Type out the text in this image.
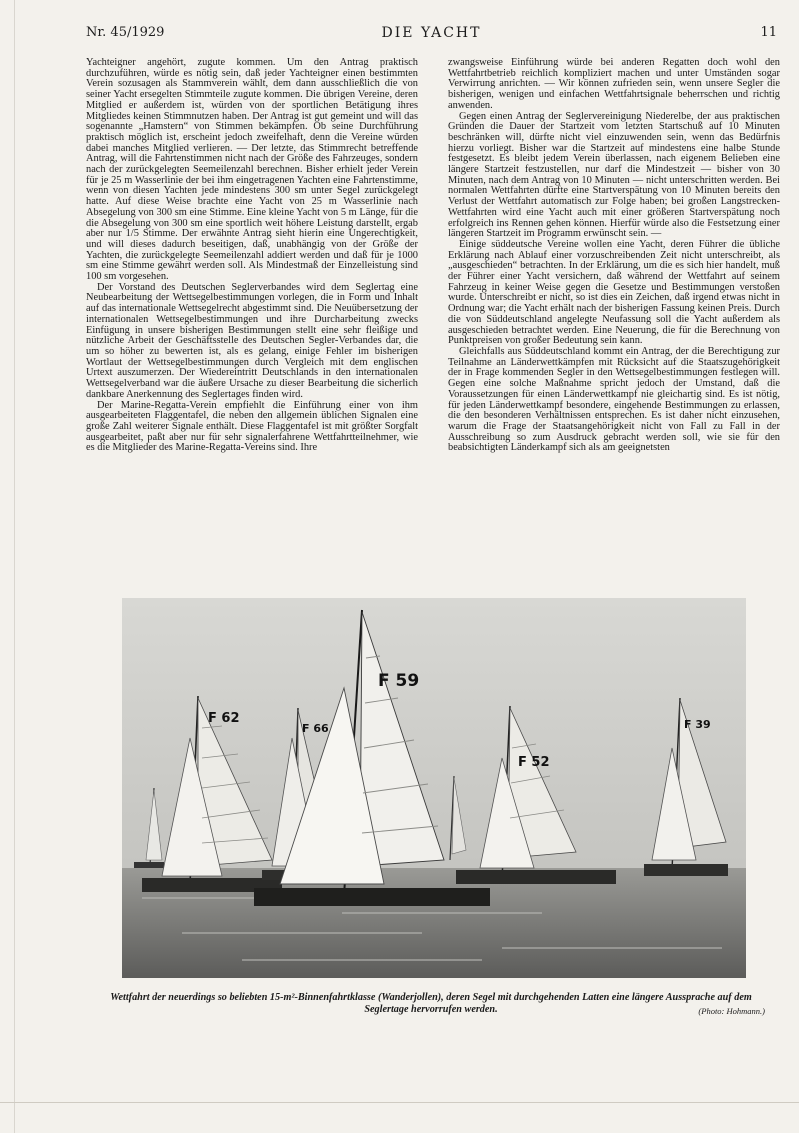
Nr. 45/1929	DIE YACHT	11

Yachteigner angehört, zugute kommen. Um den Antrag praktisch durchzuführen, würde es nötig sein, daß jeder Yachteigner einen bestimmten Verein sozusagen als Stammverein wählt, dem dann ausschließlich die von seiner Yacht ersegelten Stimmteile zugute kommen. Die übrigen Vereine, deren Mitglied er außerdem ist, würden von der sportlichen Betätigung ihres Mitgliedes keinen Stimmnutzen haben. Der Antrag ist gut gemeint und will das sogenannte „Hamstern“ von Stimmen bekämpfen. Ob seine Durchführung praktisch möglich ist, erscheint jedoch zweifelhaft, denn die Vereine würden dabei manches Mitglied verlieren. — Der letzte, das Stimmrecht betreffende Antrag, will die Fahrtenstimmen nicht nach der Größe des Fahrzeuges, sondern nach der zurückgelegten Seemeilenzahl berechnen. Bisher erhielt jeder Verein für je 25 m Wasserlinie der bei ihm eingetragenen Yachten eine Fahrtenstimme, wenn von diesen Yachten jede mindestens 300 sm unter Segel zurückgelegt hatte. Auf diese Weise brachte eine Yacht von 25 m Wasserlinie nach Absegelung von 300 sm eine Stimme. Eine kleine Yacht von 5 m Länge, für die die Absegelung von 300 sm eine sportlich weit höhere Leistung darstellt, ergab aber nur 1/5 Stimme. Der erwähnte Antrag sieht hierin eine Ungerechtigkeit, und will dieses dadurch beseitigen, daß, unabhängig von der Größe der Yachten, die zurückgelegte Seemeilenzahl addiert werden und daß für je 1000 sm eine Stimme gewährt werden soll. Als Mindestmaß der Einzelleistung sind 100 sm vorgesehen.

Der Vorstand des Deutschen Seglerverbandes wird dem Seglertag eine Neubearbeitung der Wettsegelbestimmungen vorlegen, die in Form und Inhalt auf das internationale Wettsegelrecht abgestimmt sind. Die Neuübersetzung der internationalen Wettsegelbestimmungen und ihre Durcharbeitung zwecks Einfügung in unsere bisherigen Bestimmungen stellt eine sehr fleißige und nützliche Arbeit der Geschäftsstelle des Deutschen Segler-Verbandes dar, die um so höher zu bewerten ist, als es gelang, einige Fehler im bisherigen Wortlaut der Wettsegelbestimmungen durch Vergleich mit dem englischen Urtext auszumerzen. Der Wiedereintritt Deutschlands in den internationalen Wettsegelverband war die äußere Ursache zu dieser Bearbeitung die sicherlich dankbare Anerkennung des Seglertages finden wird.

Der Marine-Regatta-Verein empfiehlt die Einführung einer von ihm ausgearbeiteten Flaggentafel, die neben den allgemein üblichen Signalen eine große Zahl weiterer Signale enthält. Diese Flaggentafel ist mit größter Sorgfalt ausgearbeitet, paßt aber nur für sehr signalerfahrene Wettfahrtteilnehmer, wie es die Mitglieder des Marine-Regatta-Vereins sind. Ihre

zwangsweise Einführung würde bei anderen Regatten doch wohl den Wettfahrtbetrieb reichlich kompliziert machen und unter Umständen sogar Verwirrung anrichten. — Wir können zufrieden sein, wenn unsere Segler die bisherigen, wenigen und einfachen Wettfahrtsignale beherrschen und richtig anwenden.

Gegen einen Antrag der Seglervereinigung Niederelbe, der aus praktischen Gründen die Dauer der Startzeit vom letzten Startschuß auf 10 Minuten beschränken will, dürfte nicht viel einzuwenden sein, wenn das Bedürfnis hierzu vorliegt. Bisher war die Startzeit auf mindestens eine halbe Stunde festgesetzt. Es bleibt jedem Verein überlassen, nach eigenem Belieben eine längere Startzeit festzustellen, nur darf die Mindestzeit — bisher von 30 Minuten, nach dem Antrag von 10 Minuten — nicht unterschritten werden. Bei normalen Wettfahrten dürfte eine Startverspätung von 10 Minuten bereits den Verlust der Wettfahrt automatisch zur Folge haben; bei großen Langstrecken-Wettfahrten wird eine Yacht auch mit einer größeren Startverspätung noch erfolgreich ins Rennen gehen können. Hierfür würde also die Festsetzung einer längeren Startzeit im Programm erwünscht sein. —

Einige süddeutsche Vereine wollen eine Yacht, deren Führer die übliche Erklärung nach Ablauf einer vorzuschreibenden Zeit nicht unterschreibt, als „ausgeschieden“ betrachten. In der Erklärung, um die es sich hier handelt, muß der Führer einer Yacht versichern, daß während der Wettfahrt auf seinem Fahrzeug in keiner Weise gegen die Gesetze und Bestimmungen verstoßen wurde. Unterschreibt er nicht, so ist dies ein Zeichen, daß irgend etwas nicht in Ordnung war; die Yacht erhält nach der bisherigen Fassung keinen Preis. Durch die von Süddeutschland angelegte Neufassung soll die Yacht außerdem als ausgeschieden betrachtet werden. Eine Neuerung, die für die Berechnung von Punktpreisen von großer Bedeutung sein kann.

Gleichfalls aus Süddeutschland kommt ein Antrag, der die Berechtigung zur Teilnahme an Länderwettkämpfen mit Rücksicht auf die Staatszugehörigkeit der in Frage kommenden Segler in den Wettsegelbestimmungen festlegen will. Gegen eine solche Maßnahme spricht jedoch der Umstand, daß die Voraussetzungen für einen Länderwettkampf nie gleichartig sind. Es ist nötig, für jeden Länderwettkampf besondere, eingehende Bestimmungen zu erlassen, die den besonderen Verhältnissen entsprechen. Es ist daher nicht einzusehen, warum die Frage der Staatsangehörigkeit nicht von Fall zu Fall in der Ausschreibung so zum Ausdruck gebracht werden soll, wie sie für den beabsichtigten Länderkampf sich als am geeignetsten

F 62
F 66
F 59
F 52
F 39
Wettfahrt der neuerdings so beliebten 15-m²-Binnenfahrtklasse (Wanderjollen), deren Segel mit durchgehenden Latten eine längere Aussprache auf dem Seglertage hervorrufen werden.	(Photo: Hohmann.)
